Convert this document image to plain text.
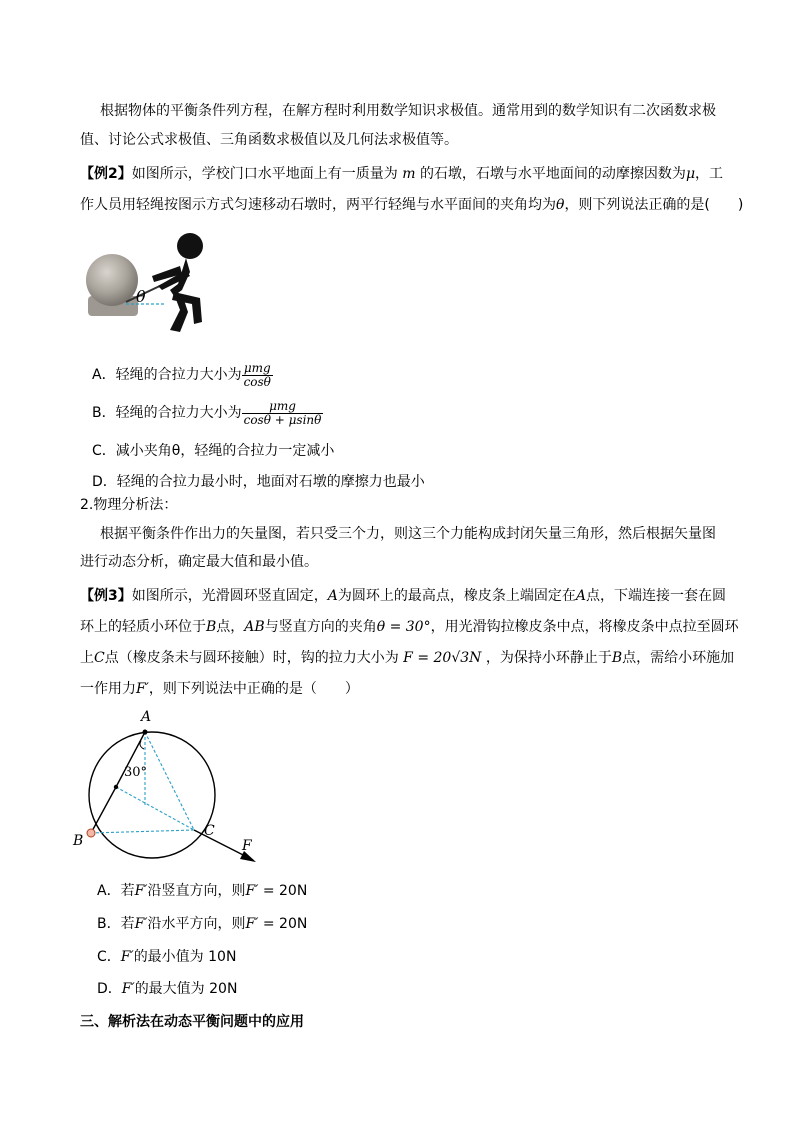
根据物体的平衡条件列方程，在解方程时利用数学知识求极值。通常用到的数学知识有二次函数求极
值、讨论公式求极值、三角函数求极值以及几何法求极值等。
【例2】如图所示，学校门口水平地面上有一质量为 m 的石墩，石墩与水平地面间的动摩擦因数为μ，工
作人员用轻绳按图示方式匀速移动石墩时，两平行轻绳与水平面间的夹角均为θ，则下列说法正确的是(　　)
θ
A．轻绳的合拉力大小为 $\frac{\text{μmg}}{\cos\theta}$
B．轻绳的合拉力大小为 $\frac{\text{μmg}}{\cos\theta + \mu\sin\theta}$
C．减小夹角θ，轻绳的合拉力一定减小
D．轻绳的合拉力最小时，地面对石墩的摩擦力也最小
2.物理分析法：
根据平衡条件作出力的矢量图，若只受三个力，则这三个力能构成封闭矢量三角形，然后根据矢量图
进行动态分析，确定最大值和最小值。
【例3】如图所示，光滑圆环竖直固定，A为圆环上的最高点，橡皮条上端固定在A点，下端连接一套在圆
环上的轻质小环位于B点，AB与竖直方向的夹角θ = 30°，用光滑钩拉橡皮条中点，将橡皮条中点拉至圆环
上C点（橡皮条未与圆环接触）时，钩的拉力大小为 F = 20√3N ，为保持小环静止于B点，需给小环施加
一作用力F′，则下列说法中正确的是（　　）
30°
A
B
C
F
A．若F′沿竖直方向，则F′ = 20N
B．若F′沿水平方向，则F′ = 20N
C．F′的最小值为 10N
D．F′的最大值为 20N
三、解析法在动态平衡问题中的应用
